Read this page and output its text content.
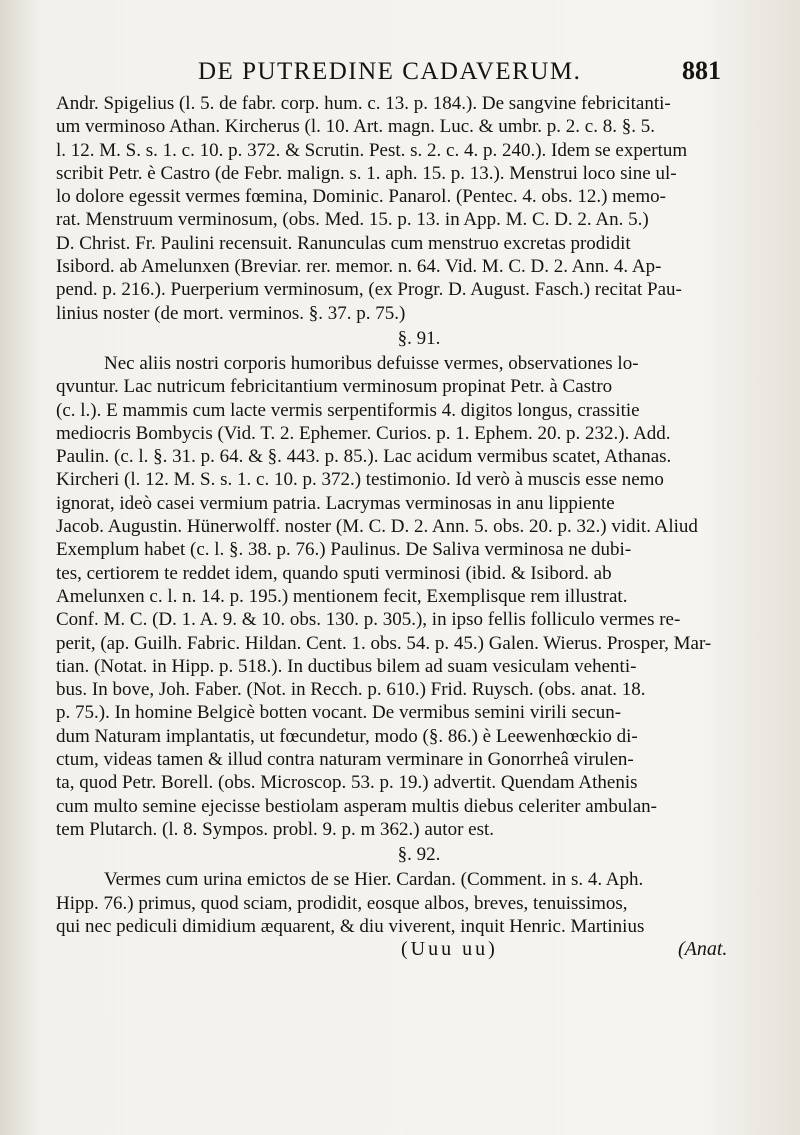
DE PUTREDINE CADAVERUM.	881
Andr. Spigelius (l. 5. de fabr. corp. hum. c. 13. p. 184.). De sangvine febricitanti-
um verminoso Athan. Kircherus (l. 10. Art. magn. Luc. & umbr. p. 2. c. 8. §. 5.
l. 12. M. S. s. 1. c. 10. p. 372. & Scrutin. Pest. s. 2. c. 4. p. 240.). Idem se expertum
scribit Petr. è Castro (de Febr. malign. s. 1. aph. 15. p. 13.). Menstrui loco sine ul-
lo dolore egessit vermes fœmina, Dominic. Panarol. (Pentec. 4. obs. 12.) memo-
rat. Menstruum verminosum, (obs. Med. 15. p. 13. in App. M. C. D. 2. An. 5.)
D. Christ. Fr. Paulini recensuit. Ranunculas cum menstruo excretas prodidit
Isibord. ab Amelunxen (Breviar. rer. memor. n. 64. Vid. M. C. D. 2. Ann. 4. Ap-
pend. p. 216.). Puerperium verminosum, (ex Progr. D. August. Fasch.) recitat Pau-
linius noster (de mort. verminos. §. 37. p. 75.)
§. 91.
Nec aliis nostri corporis humoribus defuisse vermes, observationes lo-
qvuntur. Lac nutricum febricitantium verminosum propinat Petr. à Castro
(c. l.). E mammis cum lacte vermis serpentiformis 4. digitos longus, crassitie
mediocris Bombycis (Vid. T. 2. Ephemer. Curios. p. 1. Ephem. 20. p. 232.). Add.
Paulin. (c. l. §. 31. p. 64. & §. 443. p. 85.). Lac acidum vermibus scatet, Athanas.
Kircheri (l. 12. M. S. s. 1. c. 10. p. 372.) testimonio. Id verò à muscis esse nemo
ignorat, ideò casei vermium patria. Lacrymas verminosas in anu lippiente
Jacob. Augustin. Hünerwolff. noster (M. C. D. 2. Ann. 5. obs. 20. p. 32.) vidit. Aliud
Exemplum habet (c. l. §. 38. p. 76.) Paulinus. De Saliva verminosa ne dubi-
tes, certiorem te reddet idem, quando sputi verminosi (ibid. & Isibord. ab
Amelunxen c. l. n. 14. p. 195.) mentionem fecit, Exemplisque rem illustrat.
Conf. M. C. (D. 1. A. 9. & 10. obs. 130. p. 305.), in ipso fellis folliculo vermes re-
perit, (ap. Guilh. Fabric. Hildan. Cent. 1. obs. 54. p. 45.) Galen. Wierus. Prosper, Mar-
tian. (Notat. in Hipp. p. 518.). In ductibus bilem ad suam vesiculam vehenti-
bus. In bove, Joh. Faber. (Not. in Recch. p. 610.) Frid. Ruysch. (obs. anat. 18.
p. 75.). In homine Belgicè botten vocant. De vermibus semini virili secun-
dum Naturam implantatis, ut fœcundetur, modo (§. 86.) è Leewenhœckio di-
ctum, videas tamen & illud contra naturam verminare in Gonorrheâ virulen-
ta, quod Petr. Borell. (obs. Microscop. 53. p. 19.) advertit. Quendam Athenis
cum multo semine ejecisse bestiolam asperam multis diebus celeriter ambulan-
tem Plutarch. (l. 8. Sympos. probl. 9. p. m 362.) autor est.
§. 92.
Vermes cum urina emictos de se Hier. Cardan. (Comment. in s. 4. Aph.
Hipp. 76.) primus, quod sciam, prodidit, eosque albos, breves, tenuissimos,
qui nec pediculi dimidium æquarent, & diu viverent, inquit Henric. Martinius
(Uuu uu)	(Anat.
